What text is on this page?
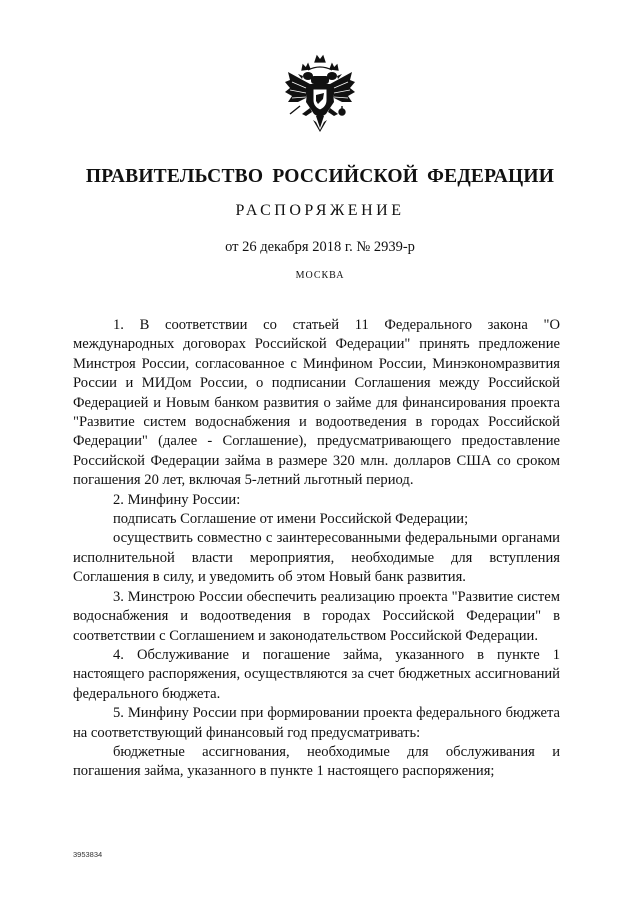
ПРАВИТЕЛЬСТВО РОССИЙСКОЙ ФЕДЕРАЦИИ
РАСПОРЯЖЕНИЕ
от 26 декабря 2018 г. № 2939-р
МОСКВА

1. В соответствии со статьей 11 Федерального закона "О международных договорах Российской Федерации" принять предложение Минстроя России, согласованное с Минфином России, Минэкономразвития России и МИДом России, о подписании Соглашения между Российской Федерацией и Новым банком развития о займе для финансирования проекта "Развитие систем водоснабжения и водоотведения в городах Российской Федерации" (далее - Соглашение), предусматривающего предоставление Российской Федерации займа в размере 320 млн. долларов США со сроком погашения 20 лет, включая 5-летний льготный период.

2. Минфину России:

подписать Соглашение от имени Российской Федерации;

осуществить совместно с заинтересованными федеральными органами исполнительной власти мероприятия, необходимые для вступления Соглашения в силу, и уведомить об этом Новый банк развития.

3. Минстрою России обеспечить реализацию проекта "Развитие систем водоснабжения и водоотведения в городах Российской Федерации" в соответствии с Соглашением и законодательством Российской Федерации.

4. Обслуживание и погашение займа, указанного в пункте 1 настоящего распоряжения, осуществляются за счет бюджетных ассигнований федерального бюджета.

5. Минфину России при формировании проекта федерального бюджета на соответствующий финансовый год предусматривать:

бюджетные ассигнования, необходимые для обслуживания и погашения займа, указанного в пункте 1 настоящего распоряжения;

3953834
